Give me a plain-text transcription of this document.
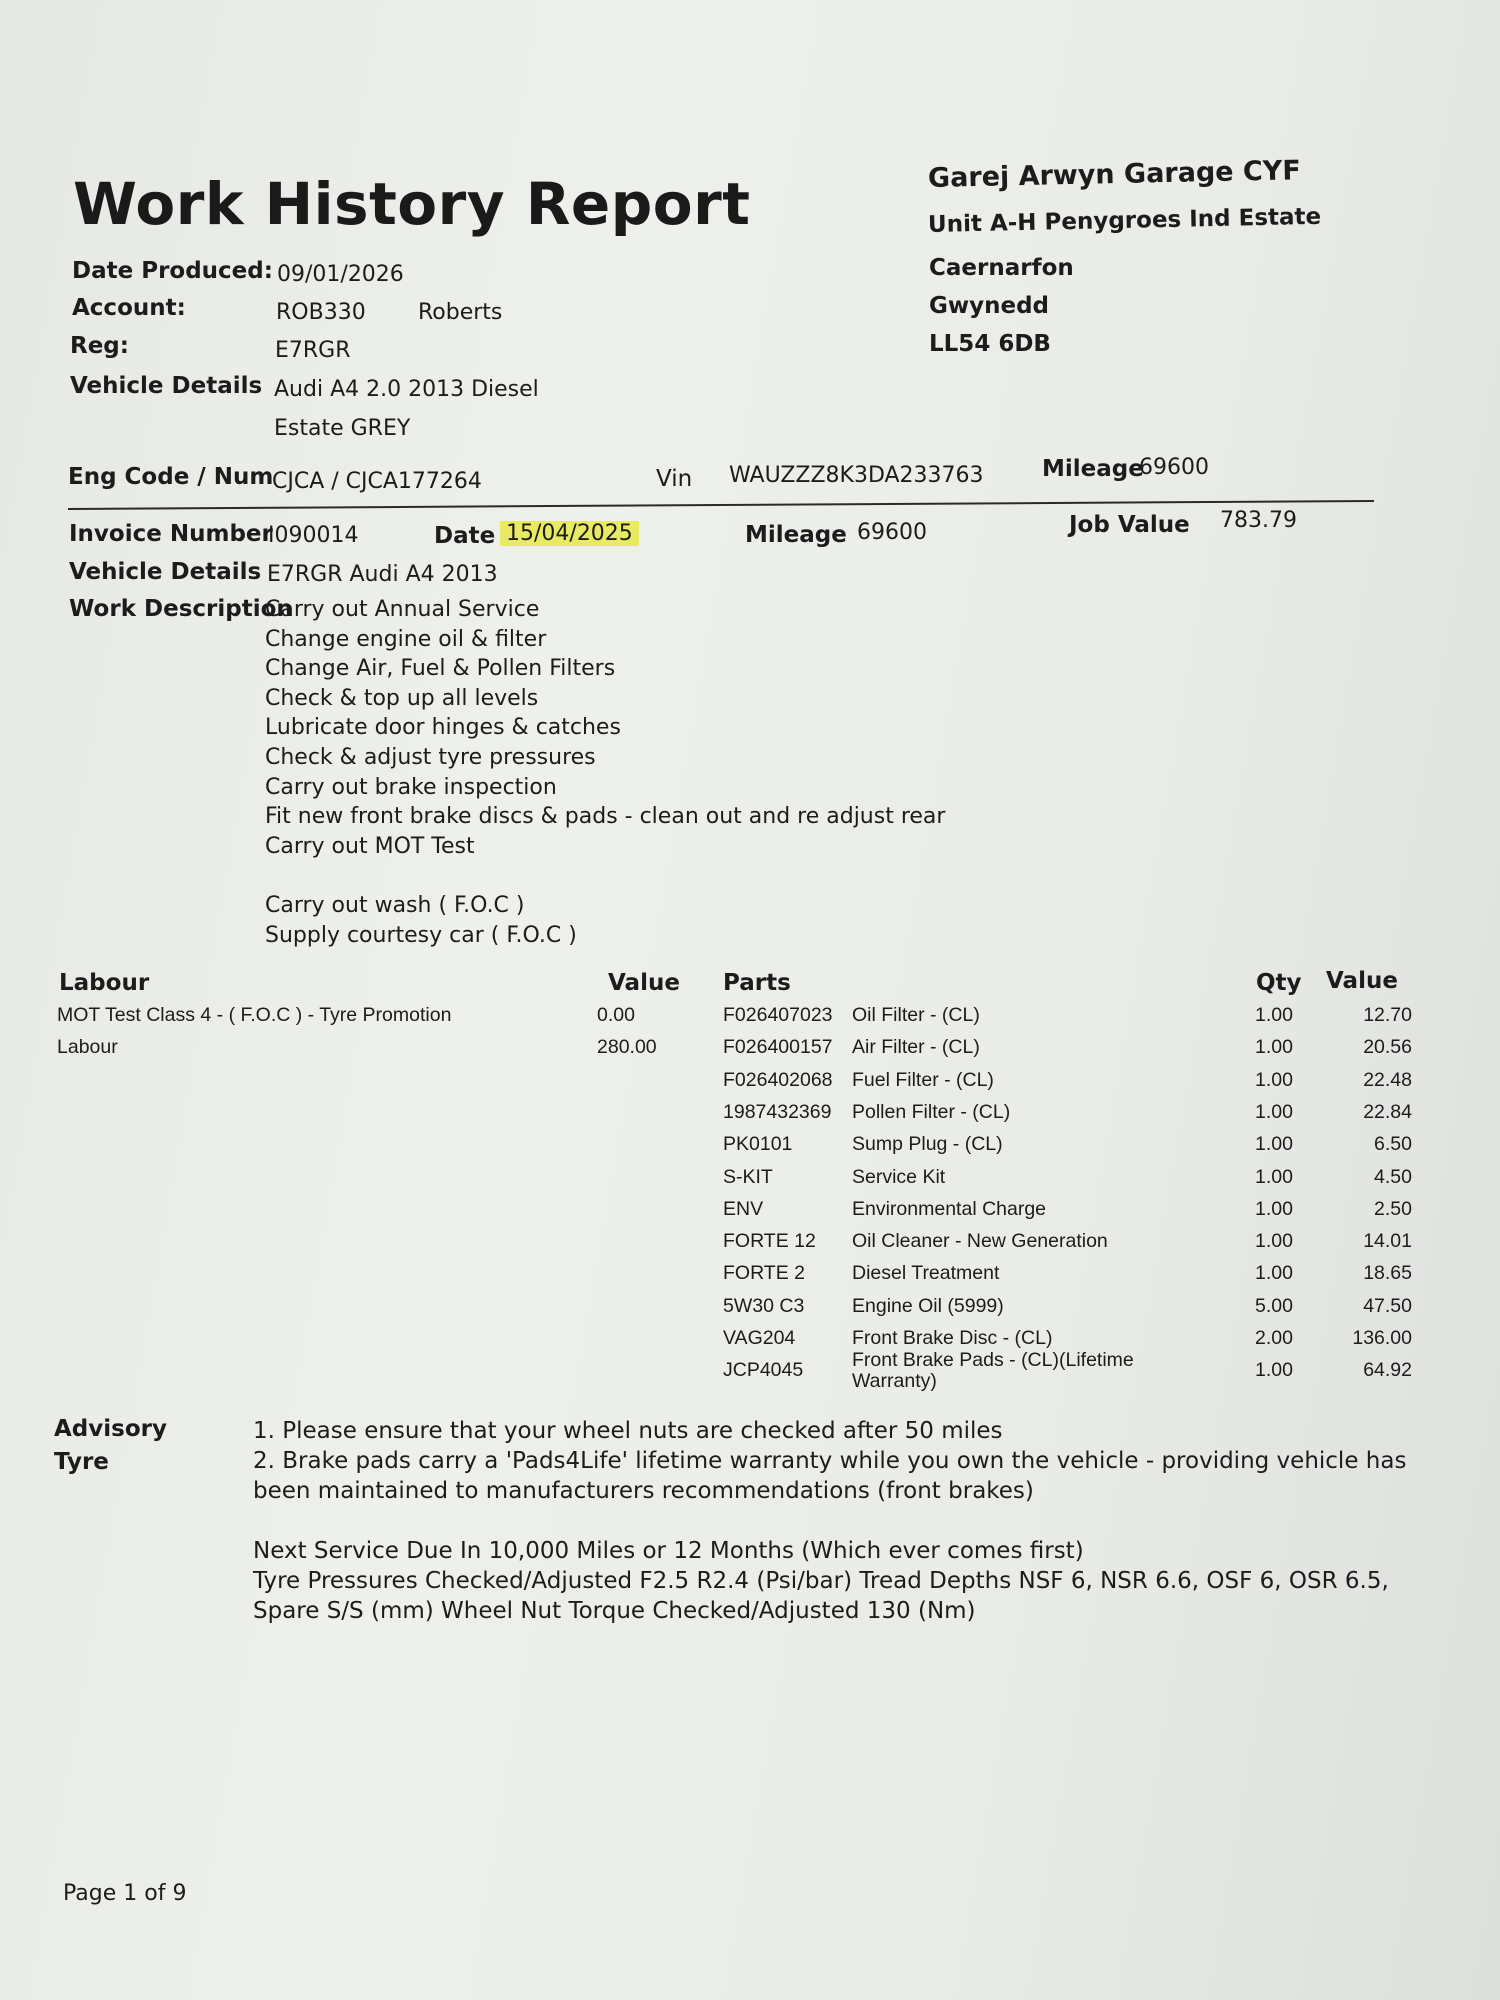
Work History Report
Date Produced: 09/01/2026
Account:	ROB330 Roberts
Reg:	E7RGR
Vehicle Details Audi A4 2.0 2013 Diesel
Estate GREY
Eng Code / Num
CJCA / CJCA177264	Vin WAUZZZ8K3DA233763	Mileage
69600
Garej Arwyn Garage CYF
Unit A-H Penygroes Ind Estate
Caernarfon
Gwynedd
LL54 6DB
Invoice Number
I090014	Date 15/04/2025	Mileage 69600	Job Value 783.79
Vehicle Details E7RGR Audi A4 2013
Work Description
Carry out Annual Service
Change engine oil & filter
Change Air, Fuel & Pollen Filters
Check & top up all levels
Lubricate door hinges & catches
Check & adjust tyre pressures
Carry out brake inspection
Fit new front brake discs & pads - clean out and re adjust rear
Carry out MOT Test
Carry out wash ( F.O.C )
Supply courtesy car ( F.O.C )
Labour	Value
MOT Test Class 4 - ( F.O.C ) - Tyre Promotion	0.00
Labour	280.00
Parts	Qty Value
F026407023 Oil Filter - (CL)	1.00	12.70
F026400157 Air Filter - (CL)	1.00	20.56
F026402068 Fuel Filter - (CL)	1.00	22.48
1987432369 Pollen Filter - (CL)	1.00	22.84
PK0101	Sump Plug - (CL)	1.00	6.50
S-KIT	Service Kit	1.00	4.50
ENV	Environmental Charge	1.00	2.50
FORTE 12 Oil Cleaner - New Generation	1.00	14.01
FORTE 2 Diesel Treatment	1.00	18.65
5W30 C3 Engine Oil (5999)	5.00	47.50
VAG204	Front Brake Disc - (CL)	2.00	136.00
JCP4045	Front Brake Pads - (CL)(Lifetime	1.00	64.92
Warranty)
Advisory
Tyre
1. Please ensure that your wheel nuts are checked after 50 miles
2. Brake pads carry a 'Pads4Life' lifetime warranty while you own the vehicle - providing vehicle has
been maintained to manufacturers recommendations (front brakes)
Next Service Due In 10,000 Miles or 12 Months (Which ever comes first)
Tyre Pressures Checked/Adjusted F2.5 R2.4 (Psi/bar) Tread Depths NSF 6, NSR 6.6, OSF 6, OSR 6.5,
Spare S/S (mm) Wheel Nut Torque Checked/Adjusted 130 (Nm)
Page 1 of 9
